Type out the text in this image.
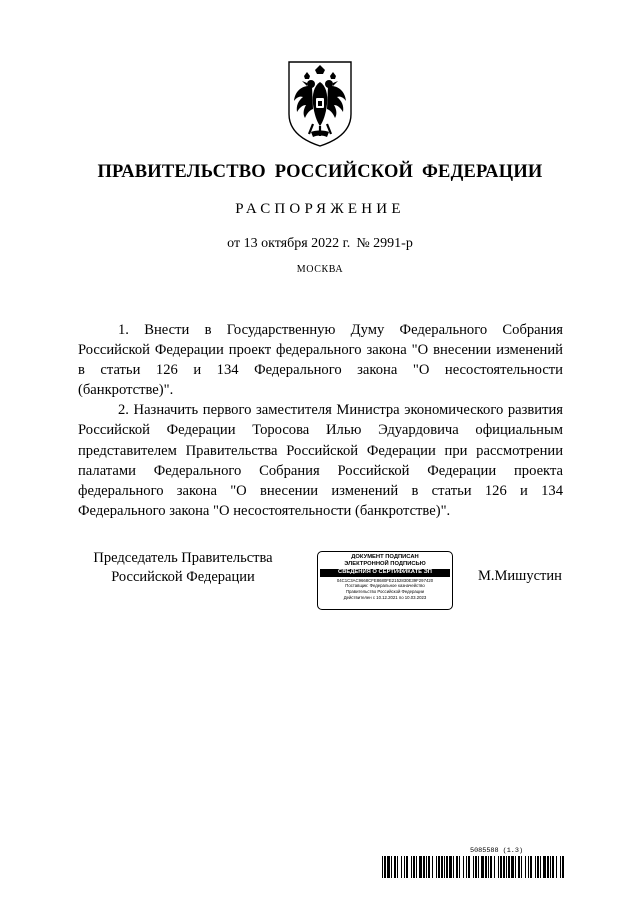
ПРАВИТЕЛЬСТВО РОССИЙСКОЙ ФЕДЕРАЦИИ
РАСПОРЯЖЕНИЕ
от 13 октября 2022 г. № 2991-р
МОСКВА

1. Внести в Государственную Думу Федерального Собрания Российской Федерации проект федерального закона "О внесении изменений в статьи 126 и 134 Федерального закона "О несостоятельности (банкротстве)".

2. Назначить первого заместителя Министра экономического развития Российской Федерации Торосова Илью Эдуардовича официальным представителем Правительства Российской Федерации при рассмотрении палатами Федерального Собрания Российской Федерации проекта федерального закона "О внесении изменений в статьи 126 и 134 Федерального закона "О несостоятельности (банкротстве)".

Председатель Правительства
Российской Федерации
ДОКУМЕНТ ПОДПИСАН
ЭЛЕКТРОННОЙ ПОДПИСЬЮ
СВЕДЕНИЯ О СЕРТИФИКАТЕ ЭП
04C1C3AC9668CFE8680FE2152830E39F297420
Поставщик: Федеральное казначейство
Правительство Российской Федерации
Действителен с 10.12.2021 по 10.03.2023
М.Мишустин
5085588 (1.3)
